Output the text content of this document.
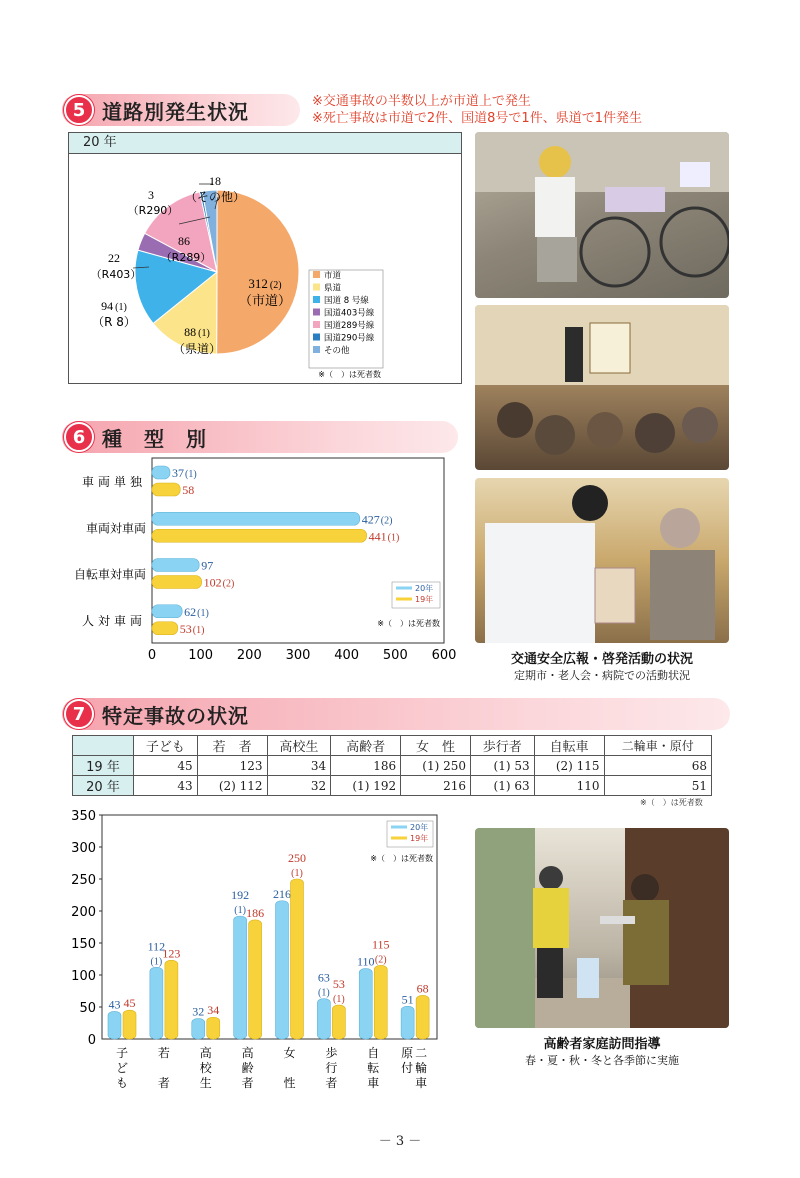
5 道路別発生状況	※交通事故の半数以上が市道上で発生
※死亡事故は市道で2件、国道8号で1件、県道で1件発生
20 年
18
（その他）
3
（R290）
86
（R289）
22
（R403）
94 (1)
（R 8）
88 (1)
（県道）
312 (2)
（市道）
市道
県道
国道 8 号線
国道403号線
国道289号線
国道290号線
その他
※（　）は死者数
交通安全広報・啓発活動の状況
定期市・老人会・病院での活動状況
6 種　型　別
0 100 200 300 400 500 600
車両単独
37(1)
58
車両対車両
427(2)
441(1)
自転車対車両
97
102(2)
人対車両
62(1)
53(1)
20年
19年
※（　）は死者数
7 特定事故の状況
	子ども	若　者	高校生	高齢者	女　性	歩行者	自転車	二輪車・原付
19 年	45	123	34	186	(1) 250	(1) 53	(2) 115	68
20 年	43	(2) 112	32	(1) 192	216	(1) 63	110	51
※（　）は死者数
0
50
100
150
200
250
300
350
43 45
子
ど
も
112
(1)
123
若
者
32 34
高
校
生
192
(1) 186
高
齢
者
216
250
(1)
女
性
63
(1)
53
(1)
歩
行
者
110
115
(2)
自
転
車
51
68
原
付
二
輪
車
20年
19年
※（　）は死者数
高齢者家庭訪問指導
春・夏・秋・冬と各季節に実施
－ 3 －
